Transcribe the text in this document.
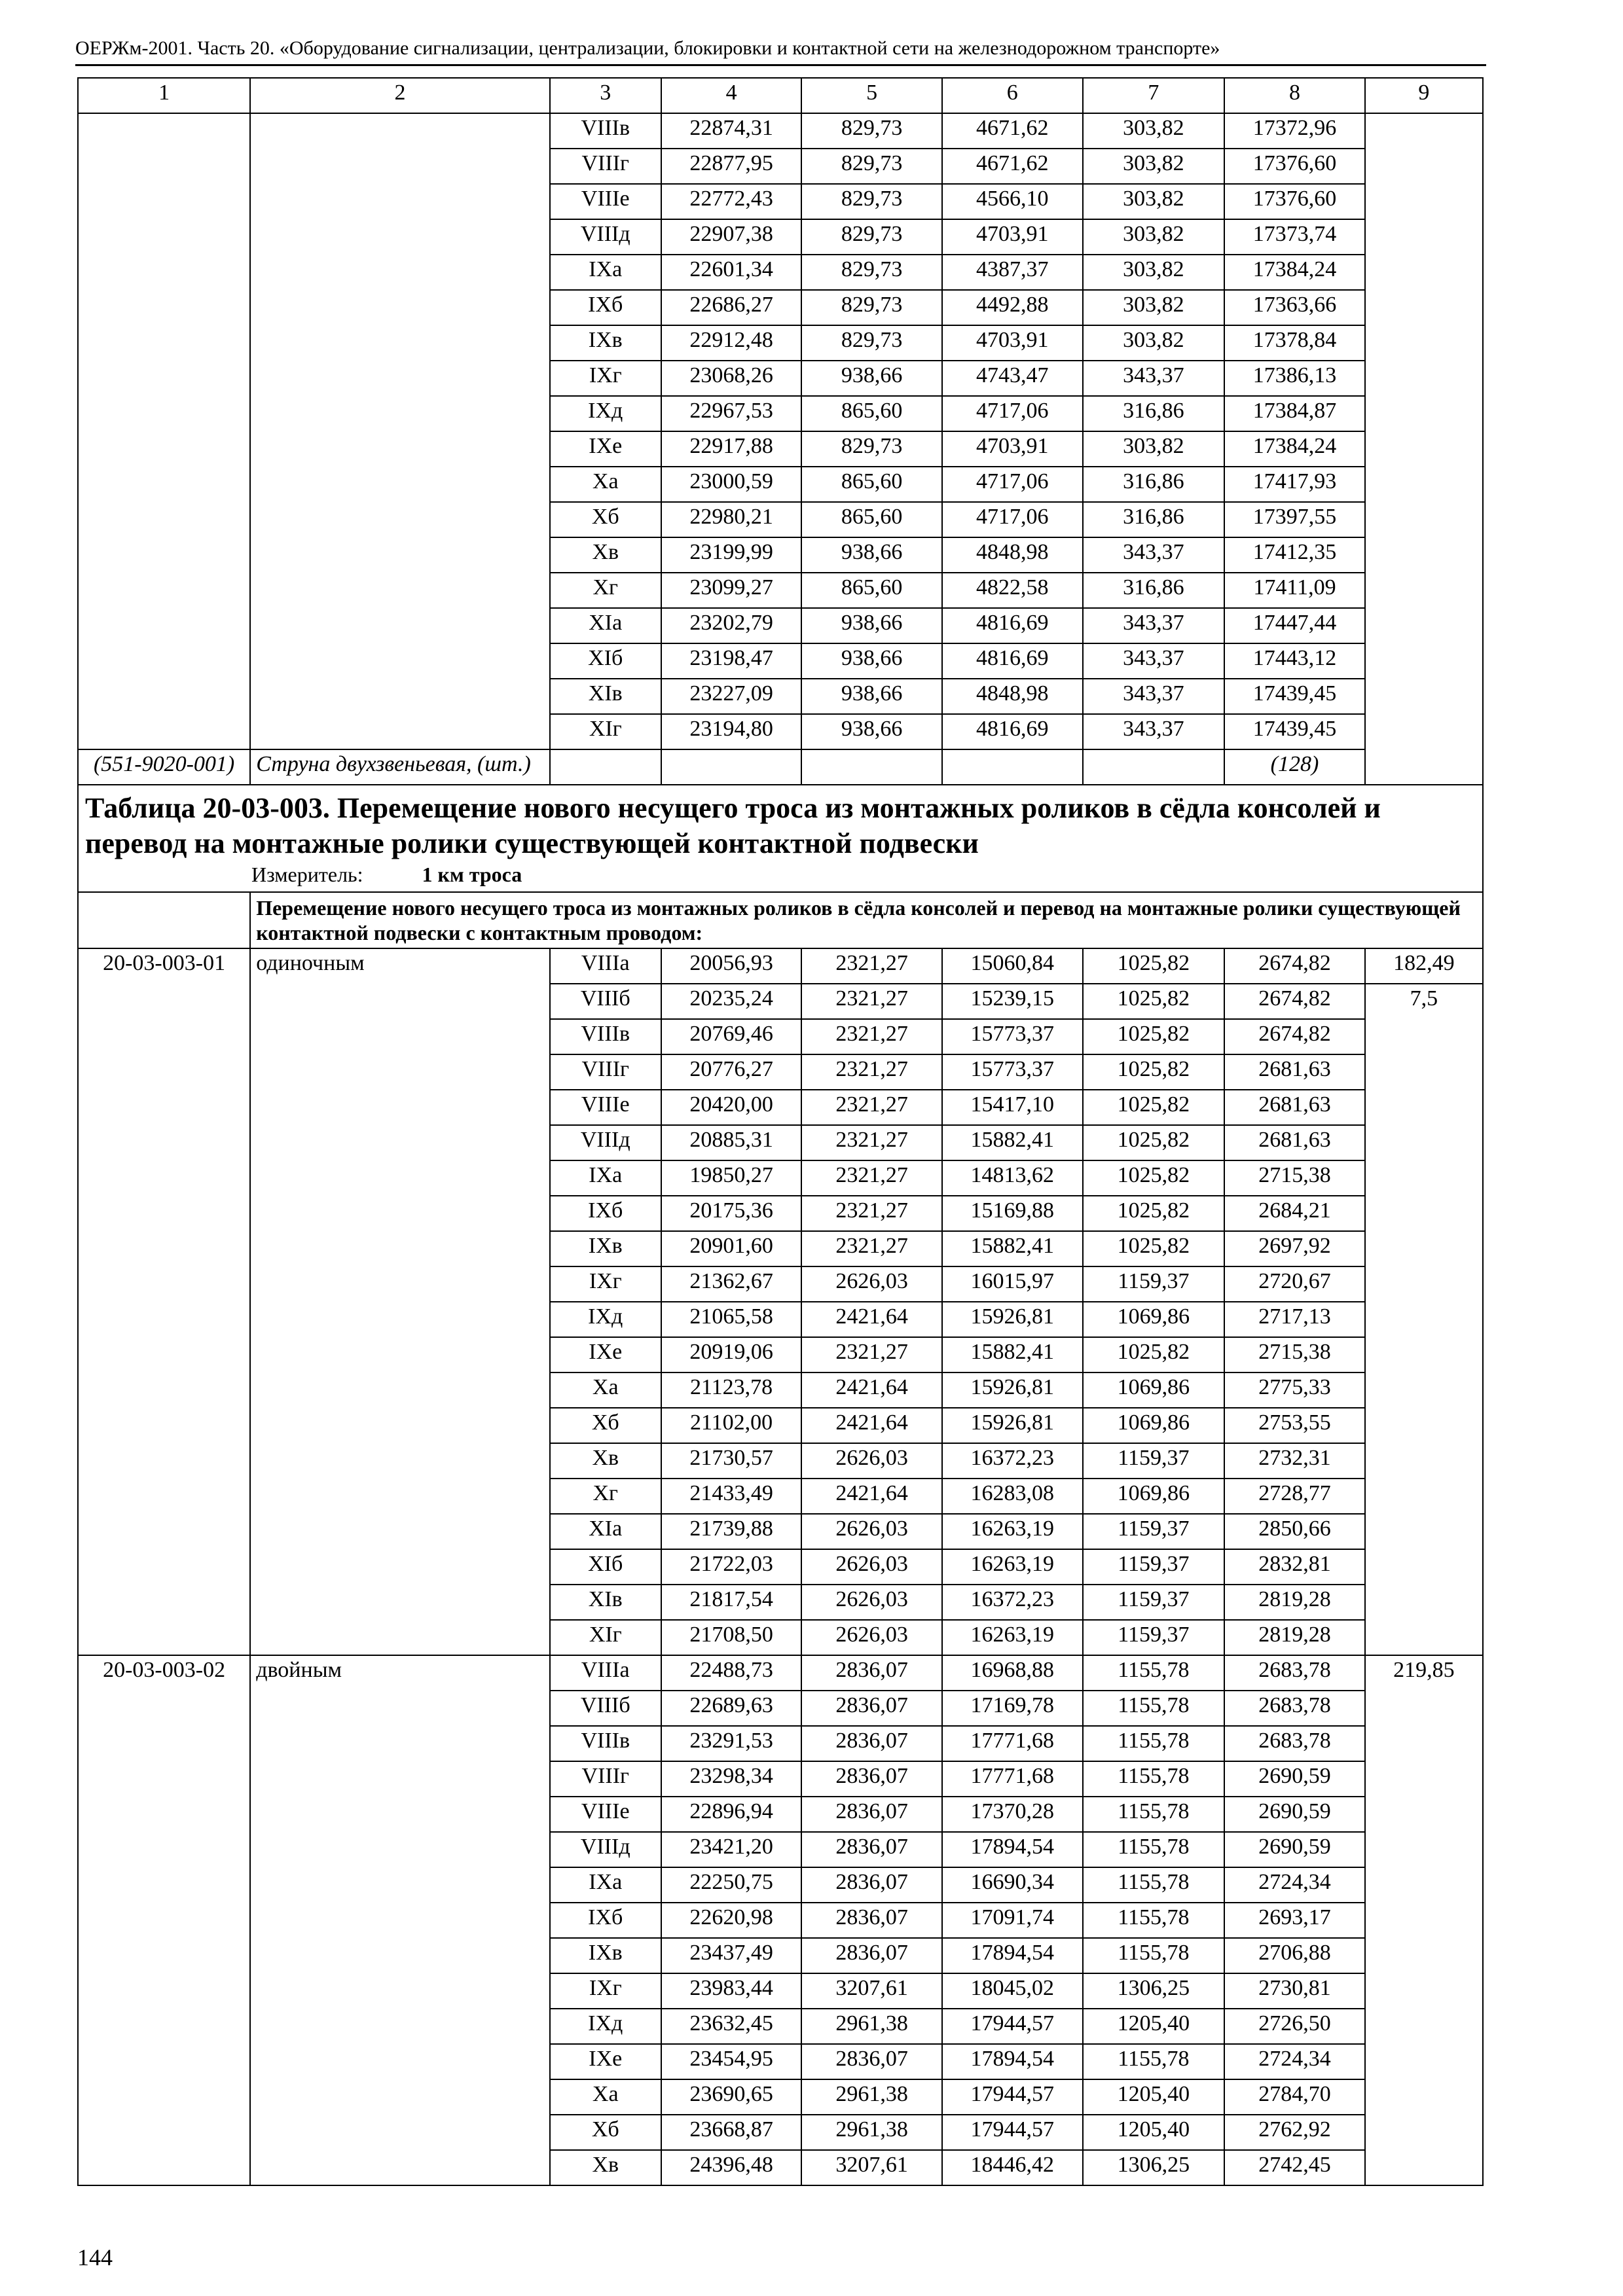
ОЕРЖм-2001. Часть 20. «Оборудование сигнализации, централизации, блокировки и контактной сети на железнодорожном транспорте»
1	2	3	4	5	6	7	8	9
		VIIIв	22874,31	829,73	4671,62	303,82	17372,96	
		VIIIг	22877,95	829,73	4671,62	303,82	17376,60	
		VIIIе	22772,43	829,73	4566,10	303,82	17376,60	
		VIIIд	22907,38	829,73	4703,91	303,82	17373,74	
		IXа	22601,34	829,73	4387,37	303,82	17384,24	
		IXб	22686,27	829,73	4492,88	303,82	17363,66	
		IXв	22912,48	829,73	4703,91	303,82	17378,84	
		IXг	23068,26	938,66	4743,47	343,37	17386,13	
		IXд	22967,53	865,60	4717,06	316,86	17384,87	
		IXе	22917,88	829,73	4703,91	303,82	17384,24	
		Xа	23000,59	865,60	4717,06	316,86	17417,93	
		Xб	22980,21	865,60	4717,06	316,86	17397,55	
		Xв	23199,99	938,66	4848,98	343,37	17412,35	
		Xг	23099,27	865,60	4822,58	316,86	17411,09	
		XIа	23202,79	938,66	4816,69	343,37	17447,44	
		XIб	23198,47	938,66	4816,69	343,37	17443,12	
		XIв	23227,09	938,66	4848,98	343,37	17439,45	
		XIг	23194,80	938,66	4816,69	343,37	17439,45	
(551-9020-001)	Струна двухзвеньевая, (шт.)						(128)	

Таблица 20-03-003. Перемещение нового несущего троса из монтажных роликов в сёдла консолей и перевод на монтажные ролики существующей контактной подвески
Измеритель: 1 км троса								

	Перемещение нового несущего троса из монтажных роликов в сёдла консолей и перевод на монтажные ролики существующей контактной подвески с контактным проводом:							

20-03-003-01	одиночным	VIIIа	20056,93	2321,27	15060,84	1025,82	2674,82	182,49
		VIIIб	20235,24	2321,27	15239,15	1025,82	2674,82	7,5
		VIIIв	20769,46	2321,27	15773,37	1025,82	2674,82	
		VIIIг	20776,27	2321,27	15773,37	1025,82	2681,63	
		VIIIе	20420,00	2321,27	15417,10	1025,82	2681,63	
		VIIIд	20885,31	2321,27	15882,41	1025,82	2681,63	
		IXа	19850,27	2321,27	14813,62	1025,82	2715,38	
		IXб	20175,36	2321,27	15169,88	1025,82	2684,21	
		IXв	20901,60	2321,27	15882,41	1025,82	2697,92	
		IXг	21362,67	2626,03	16015,97	1159,37	2720,67	
		IXд	21065,58	2421,64	15926,81	1069,86	2717,13	
		IXе	20919,06	2321,27	15882,41	1025,82	2715,38	
		Xа	21123,78	2421,64	15926,81	1069,86	2775,33	
		Xб	21102,00	2421,64	15926,81	1069,86	2753,55	
		Xв	21730,57	2626,03	16372,23	1159,37	2732,31	
		Xг	21433,49	2421,64	16283,08	1069,86	2728,77	
		XIа	21739,88	2626,03	16263,19	1159,37	2850,66	
		XIб	21722,03	2626,03	16263,19	1159,37	2832,81	
		XIв	21817,54	2626,03	16372,23	1159,37	2819,28	
		XIг	21708,50	2626,03	16263,19	1159,37	2819,28	
20-03-003-02	двойным	VIIIа	22488,73	2836,07	16968,88	1155,78	2683,78	219,85
		VIIIб	22689,63	2836,07	17169,78	1155,78	2683,78	
		VIIIв	23291,53	2836,07	17771,68	1155,78	2683,78	
		VIIIг	23298,34	2836,07	17771,68	1155,78	2690,59	
		VIIIе	22896,94	2836,07	17370,28	1155,78	2690,59	
		VIIIд	23421,20	2836,07	17894,54	1155,78	2690,59	
		IXа	22250,75	2836,07	16690,34	1155,78	2724,34	
		IXб	22620,98	2836,07	17091,74	1155,78	2693,17	
		IXв	23437,49	2836,07	17894,54	1155,78	2706,88	
		IXг	23983,44	3207,61	18045,02	1306,25	2730,81	
		IXд	23632,45	2961,38	17944,57	1205,40	2726,50	
		IXе	23454,95	2836,07	17894,54	1155,78	2724,34	
		Xа	23690,65	2961,38	17944,57	1205,40	2784,70	
		Xб	23668,87	2961,38	17944,57	1205,40	2762,92	
		Xв	24396,48	3207,61	18446,42	1306,25	2742,45	
144
